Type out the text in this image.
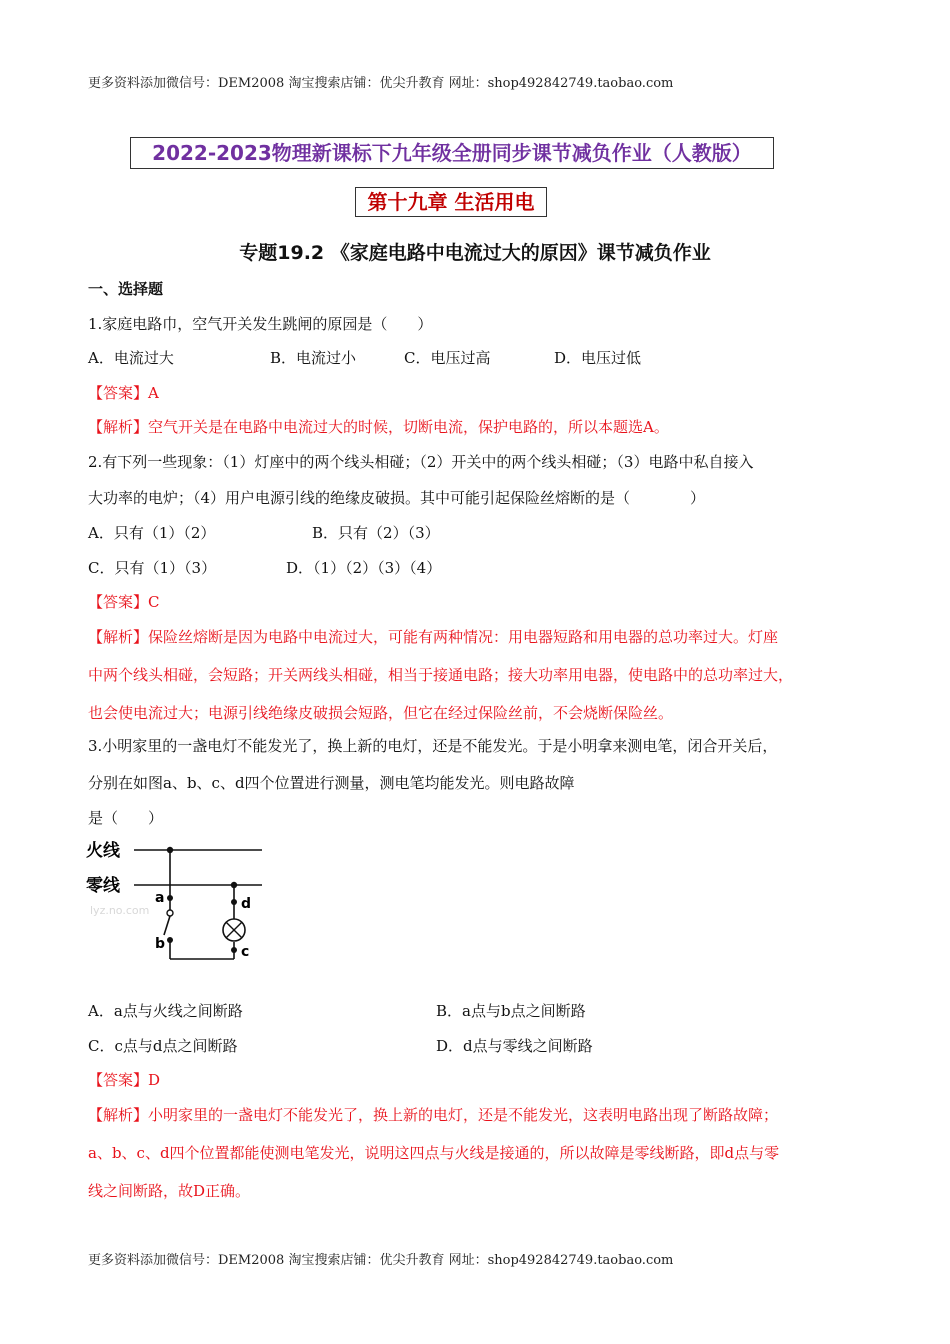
更多资料添加微信号：DEM2008 淘宝搜索店铺：优尖升教育 网址：shop492842749.taobao.com
2022-2023物理新课标下九年级全册同步课节减负作业（人教版）
第十九章 生活用电
专题19.2 《家庭电路中电流过大的原因》课节减负作业
一、选择题
1.家庭电路巾，空气开关发生跳闸的原园是（　　）
A．电流过大	B．电流过小	C．电压过高	D．电压过低
【答案】A
【解析】空气开关是在电路中电流过大的时候，切断电流，保护电路的，所以本题选A。
2.有下列一些现象：（1）灯座中的两个线头相碰；（2）开关中的两个线头相碰；（3）电路中私自接入
大功率的电炉；（4）用户电源引线的绝缘皮破损。其中可能引起保险丝熔断的是（　　　　）
A．只有（1）（2）	B．只有（2）（3）
C．只有（1）（3）	D．（1）（2）（3）（4）
【答案】C
【解析】保险丝熔断是因为电路中电流过大，可能有两种情况：用电器短路和用电器的总功率过大。灯座
中两个线头相碰，会短路；开关两线头相碰，相当于接通电路；接大功率用电器，使电路中的总功率过大，
也会使电流过大；电源引线绝缘皮破损会短路，但它在经过保险丝前，不会烧断保险丝。
3.小明家里的一盏电灯不能发光了，换上新的电灯，还是不能发光。于是小明拿来测电笔，闭合开关后，
分别在如图a、b、c、d四个位置进行测量，测电笔均能发光。则电路故障
是（　　）
火线
零线
a
b	c
d
lyz.no.com
A．a点与火线之间断路	B．a点与b点之间断路
C．c点与d点之间断路	D．d点与零线之间断路
【答案】D
【解析】小明家里的一盏电灯不能发光了，换上新的电灯，还是不能发光，这表明电路出现了断路故障；
a、b、c、d四个位置都能使测电笔发光，说明这四点与火线是接通的，所以故障是零线断路，即d点与零
线之间断路，故D正确。
更多资料添加微信号：DEM2008 淘宝搜索店铺：优尖升教育 网址：shop492842749.taobao.com
